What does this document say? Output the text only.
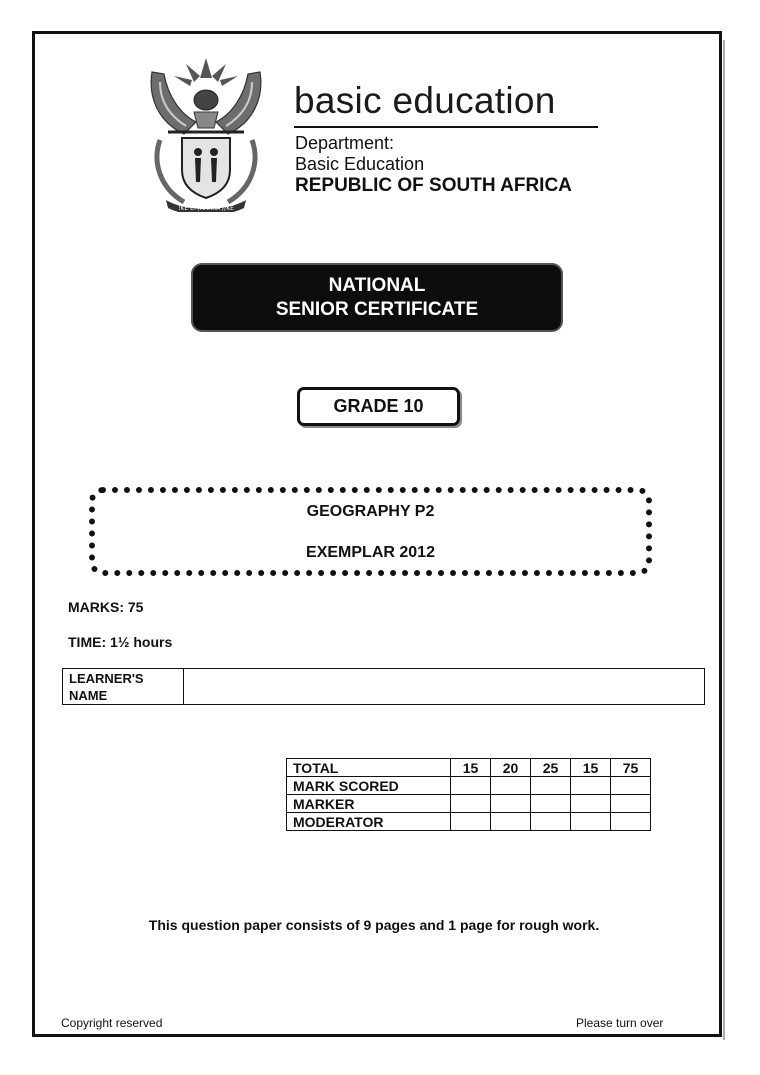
!KE E: /XARRA //KE
basic education
Department:
Basic Education
REPUBLIC OF SOUTH AFRICA
NATIONAL
SENIOR CERTIFICATE
GRADE 10
GEOGRAPHY P2
EXEMPLAR 2012
MARKS: 75
TIME: 1½ hours
LEARNER'S
NAME
TOTAL	15	20	25	15	75
MARK SCORED					
MARKER					
MODERATOR					
This question paper consists of 9 pages and 1 page for rough work.
Copyright reserved	Please turn over
